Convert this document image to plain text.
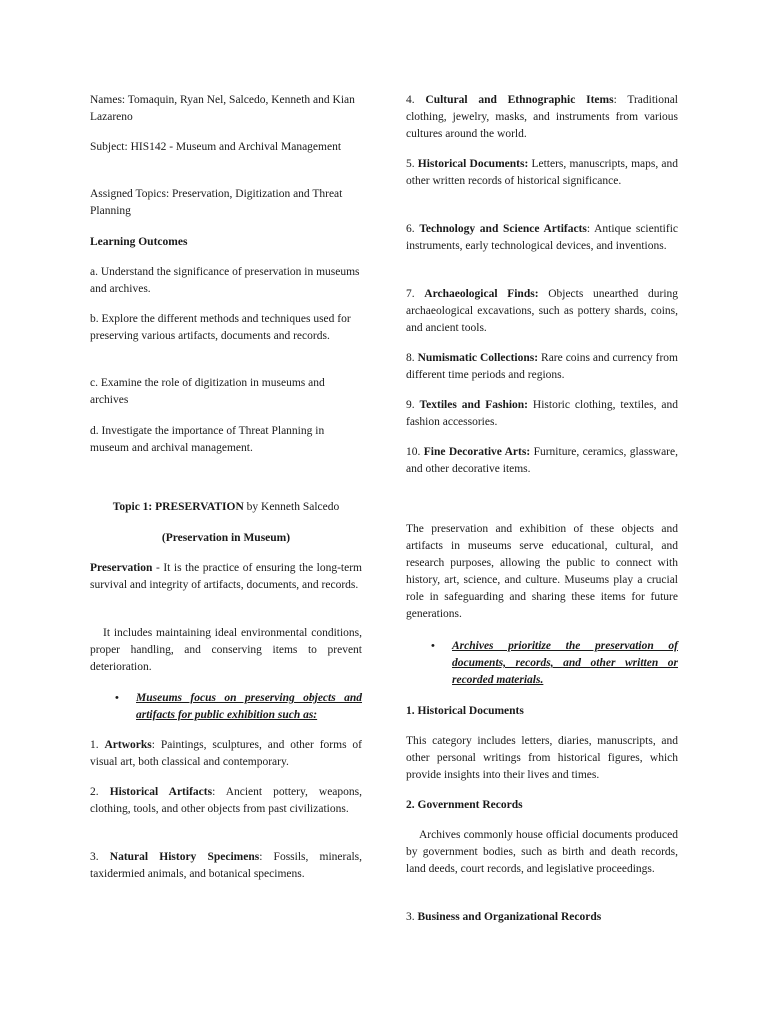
Names: Tomaquin, Ryan Nel, Salcedo, Kenneth and Kian Lazareno

Subject: HIS142 - Museum and Archival Management

Assigned Topics: Preservation, Digitization and Threat Planning

Learning Outcomes

a. Understand the significance of preservation in museums and archives.

b. Explore the different methods and techniques used for preserving various artifacts, documents and records.

c. Examine the role of digitization in museums and archives

d. Investigate the importance of Threat Planning in museum and archival management.

Topic 1: PRESERVATION by Kenneth Salcedo

(Preservation in Museum)

Preservation - It is the practice of ensuring the long-term survival and integrity of artifacts, documents, and records.

It includes maintaining ideal environmental conditions, proper handling, and conserving items to prevent deterioration.

• Museums focus on preserving objects and artifacts for public exhibition such as:

1. Artworks: Paintings, sculptures, and other forms of visual art, both classical and contemporary.

2. Historical Artifacts: Ancient pottery, weapons, clothing, tools, and other objects from past civilizations.

3. Natural History Specimens: Fossils, minerals, taxidermied animals, and botanical specimens.

4. Cultural and Ethnographic Items: Traditional clothing, jewelry, masks, and instruments from various cultures around the world.

5. Historical Documents: Letters, manuscripts, maps, and other written records of historical significance.

6. Technology and Science Artifacts: Antique scientific instruments, early technological devices, and inventions.

7. Archaeological Finds: Objects unearthed during archaeological excavations, such as pottery shards, coins, and ancient tools.

8. Numismatic Collections: Rare coins and currency from different time periods and regions.

9. Textiles and Fashion: Historic clothing, textiles, and fashion accessories.

10. Fine Decorative Arts: Furniture, ceramics, glassware, and other decorative items.

The preservation and exhibition of these objects and artifacts in museums serve educational, cultural, and research purposes, allowing the public to connect with history, art, science, and culture. Museums play a crucial role in safeguarding and sharing these items for future generations.

• Archives prioritize the preservation of documents, records, and other written or recorded materials.

1. Historical Documents

This category includes letters, diaries, manuscripts, and other personal writings from historical figures, which provide insights into their lives and times.

2. Government Records

Archives commonly house official documents produced by government bodies, such as birth and death records, land deeds, court records, and legislative proceedings.

3. Business and Organizational Records
